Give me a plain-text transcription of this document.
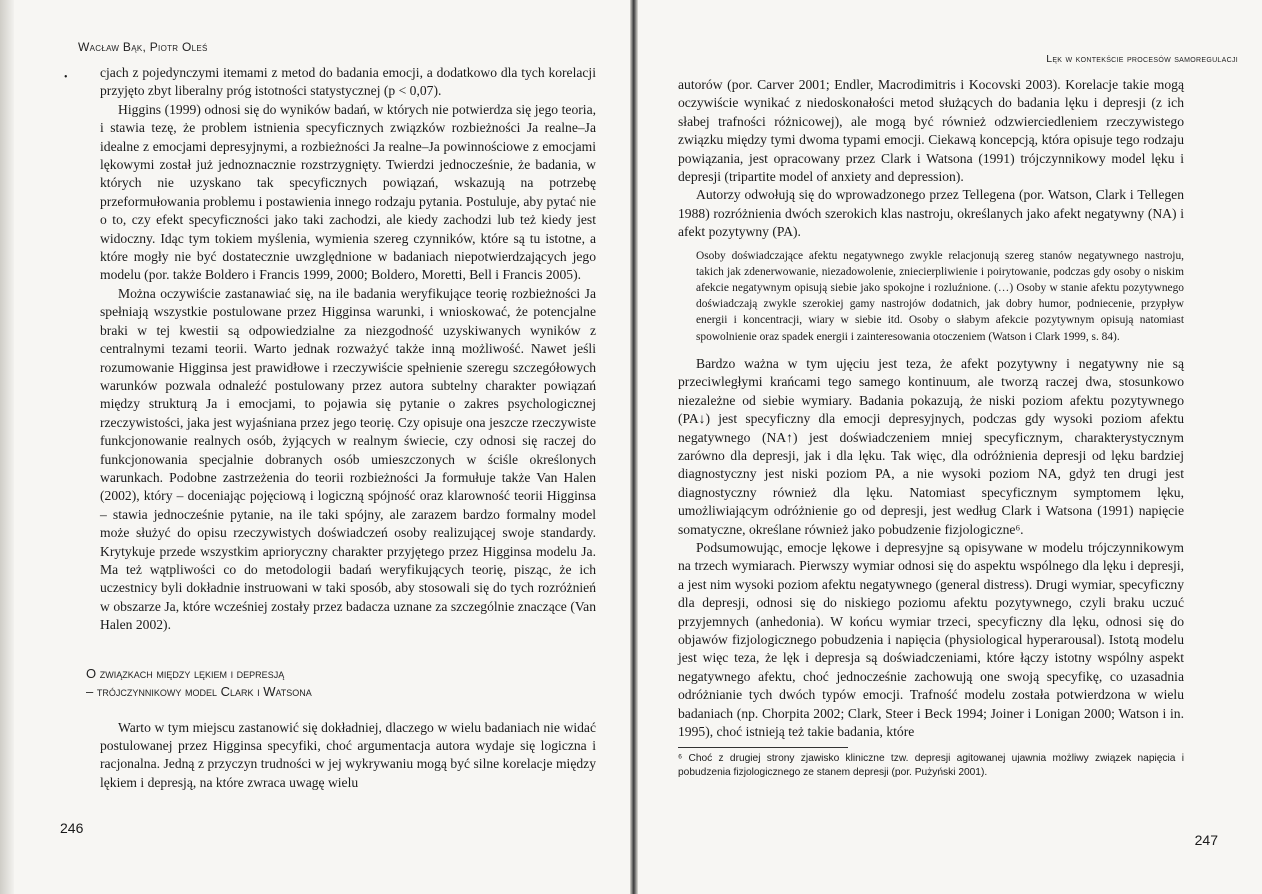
Wacław Bąk, Piotr Oleś
• cjach z pojedynczymi itemami z metod do badania emocji, a dodatkowo dla tych korelacji przyjęto zbyt liberalny próg istotności statystycznej (p < 0,07).

Higgins (1999) odnosi się do wyników badań, w których nie potwierdza się jego teoria, i stawia tezę, że problem istnienia specyficznych związków rozbieżności Ja realne–Ja idealne z emocjami depresyjnymi, a rozbieżności Ja realne–Ja powinnościowe z emocjami lękowymi został już jednoznacznie rozstrzygnięty. Twierdzi jednocześnie, że badania, w których nie uzyskano tak specyficznych powiązań, wskazują na potrzebę przeformułowania problemu i postawienia innego rodzaju pytania. Postuluje, aby pytać nie o to, czy efekt specyficzności jako taki zachodzi, ale kiedy zachodzi lub też kiedy jest widoczny. Idąc tym tokiem myślenia, wymienia szereg czynników, które są tu istotne, a które mogły nie być dostatecznie uwzględnione w badaniach niepotwierdzających jego modelu (por. także Boldero i Francis 1999, 2000; Boldero, Moretti, Bell i Francis 2005).

Można oczywiście zastanawiać się, na ile badania weryfikujące teorię rozbieżności Ja spełniają wszystkie postulowane przez Higginsa warunki, i wnioskować, że potencjalne braki w tej kwestii są odpowiedzialne za niezgodność uzyskiwanych wyników z centralnymi tezami teorii. Warto jednak rozważyć także inną możliwość. Nawet jeśli rozumowanie Higginsa jest prawidłowe i rzeczywiście spełnienie szeregu szczegółowych warunków pozwala odnaleźć postulowany przez autora subtelny charakter powiązań między strukturą Ja i emocjami, to pojawia się pytanie o zakres psychologicznej rzeczywistości, jaka jest wyjaśniana przez jego teorię. Czy opisuje ona jeszcze rzeczywiste funkcjonowanie realnych osób, żyjących w realnym świecie, czy odnosi się raczej do funkcjonowania specjalnie dobranych osób umieszczonych w ściśle określonych warunkach. Podobne zastrzeżenia do teorii rozbieżności Ja formułuje także Van Halen (2002), który – doceniając pojęciową i logiczną spójność oraz klarowność teorii Higginsa – stawia jednocześnie pytanie, na ile taki spójny, ale zarazem bardzo formalny model może służyć do opisu rzeczywistych doświadczeń osoby realizującej swoje standardy. Krytykuje przede wszystkim aprioryczny charakter przyjętego przez Higginsa modelu Ja. Ma też wątpliwości co do metodologii badań weryfikujących teorię, pisząc, że ich uczestnicy byli dokładnie instruowani w taki sposób, aby stosowali się do tych rozróżnień w obszarze Ja, które wcześniej zostały przez badacza uznane za szczególnie znaczące (Van Halen 2002).

O związkach między lękiem i depresją
– trójczynnikowy model Clark i Watsona

Warto w tym miejscu zastanowić się dokładniej, dlaczego w wielu badaniach nie widać postulowanej przez Higginsa specyfiki, choć argumentacja autora wydaje się logiczna i racjonalna. Jedną z przyczyn trudności w jej wykrywaniu mogą być silne korelacje między lękiem i depresją, na które zwraca uwagę wielu

246
Lęk w kontekście procesów samoregulacji

autorów (por. Carver 2001; Endler, Macrodimitris i Kocovski 2003). Korelacje takie mogą oczywiście wynikać z niedoskonałości metod służących do badania lęku i depresji (z ich słabej trafności różnicowej), ale mogą być również odzwierciedleniem rzeczywistego związku między tymi dwoma typami emocji. Ciekawą koncepcją, która opisuje tego rodzaju powiązania, jest opracowany przez Clark i Watsona (1991) trójczynnikowy model lęku i depresji (tripartite model of anxiety and depression).

Autorzy odwołują się do wprowadzonego przez Tellegena (por. Watson, Clark i Tellegen 1988) rozróżnienia dwóch szerokich klas nastroju, określanych jako afekt negatywny (NA) i afekt pozytywny (PA).

Osoby doświadczające afektu negatywnego zwykle relacjonują szereg stanów negatywnego nastroju, takich jak zdenerwowanie, niezadowolenie, zniecierpliwienie i poirytowanie, podczas gdy osoby o niskim afekcie negatywnym opisują siebie jako spokojne i rozluźnione. (…) Osoby w stanie afektu pozytywnego doświadczają zwykle szerokiej gamy nastrojów dodatnich, jak dobry humor, podniecenie, przypływ energii i koncentracji, wiary w siebie itd. Osoby o słabym afekcie pozytywnym opisują natomiast spowolnienie oraz spadek energii i zainteresowania otoczeniem (Watson i Clark 1999, s. 84).

Bardzo ważna w tym ujęciu jest teza, że afekt pozytywny i negatywny nie są przeciwległymi krańcami tego samego kontinuum, ale tworzą raczej dwa, stosunkowo niezależne od siebie wymiary. Badania pokazują, że niski poziom afektu pozytywnego (PA↓) jest specyficzny dla emocji depresyjnych, podczas gdy wysoki poziom afektu negatywnego (NA↑) jest doświadczeniem mniej specyficznym, charakterystycznym zarówno dla depresji, jak i dla lęku. Tak więc, dla odróżnienia depresji od lęku bardziej diagnostyczny jest niski poziom PA, a nie wysoki poziom NA, gdyż ten drugi jest diagnostyczny również dla lęku. Natomiast specyficznym symptomem lęku, umożliwiającym odróżnienie go od depresji, jest według Clark i Watsona (1991) napięcie somatyczne, określane również jako pobudzenie fizjologiczne⁶.

Podsumowując, emocje lękowe i depresyjne są opisywane w modelu trójczynnikowym na trzech wymiarach. Pierwszy wymiar odnosi się do aspektu wspólnego dla lęku i depresji, a jest nim wysoki poziom afektu negatywnego (general distress). Drugi wymiar, specyficzny dla depresji, odnosi się do niskiego poziomu afektu pozytywnego, czyli braku uczuć przyjemnych (anhedonia). W końcu wymiar trzeci, specyficzny dla lęku, odnosi się do objawów fizjologicznego pobudzenia i napięcia (physiological hyperarousal). Istotą modelu jest więc teza, że lęk i depresja są doświadczeniami, które łączy istotny wspólny aspekt negatywnego afektu, choć jednocześnie zachowują one swoją specyfikę, co uzasadnia odróżnianie tych dwóch typów emocji. Trafność modelu została potwierdzona w wielu badaniach (np. Chorpita 2002; Clark, Steer i Beck 1994; Joiner i Lonigan 2000; Watson i in. 1995), choć istnieją też takie badania, które

⁶ Choć z drugiej strony zjawisko kliniczne tzw. depresji agitowanej ujawnia możliwy związek napięcia i pobudzenia fizjologicznego ze stanem depresji (por. Pużyński 2001).

247
